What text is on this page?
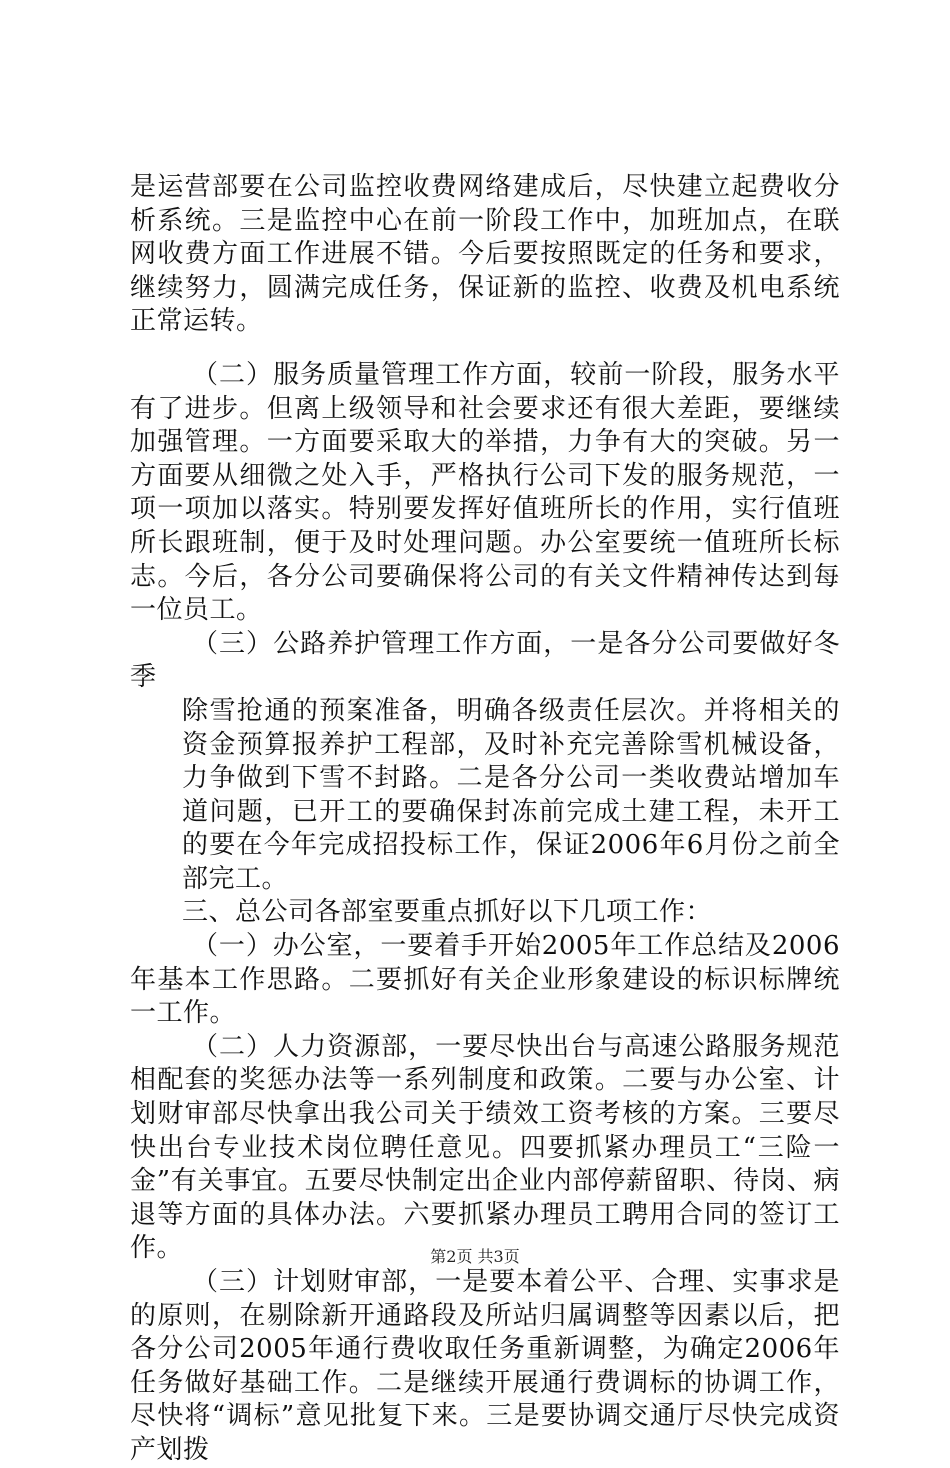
是运营部要在公司监控收费网络建成后，尽快建立起费收分析系统。三是监控中心在前一阶段工作中，加班加点，在联网收费方面工作进展不错。今后要按照既定的任务和要求，继续努力，圆满完成任务，保证新的监控、收费及机电系统正常运转。

（二）服务质量管理工作方面，较前一阶段，服务水平有了进步。但离上级领导和社会要求还有很大差距，要继续加强管理。一方面要采取大的举措，力争有大的突破。另一方面要从细微之处入手，严格执行公司下发的服务规范，一项一项加以落实。特别要发挥好值班所长的作用，实行值班所长跟班制，便于及时处理问题。办公室要统一值班所长标志。今后，各分公司要确保将公司的有关文件精神传达到每一位员工。

（三）公路养护管理工作方面，一是各分公司要做好冬季

除雪抢通的预案准备，明确各级责任层次。并将相关的资金预算报养护工程部，及时补充完善除雪机械设备，力争做到下雪不封路。二是各分公司一类收费站增加车道问题，已开工的要确保封冻前完成土建工程，未开工的要在今年完成招投标工作，保证2006年6月份之前全部完工。

三、总公司各部室要重点抓好以下几项工作：

（一）办公室，一要着手开始2005年工作总结及2006年基本工作思路。二要抓好有关企业形象建设的标识标牌统一工作。

（二）人力资源部，一要尽快出台与高速公路服务规范相配套的奖惩办法等一系列制度和政策。二要与办公室、计划财审部尽快拿出我公司关于绩效工资考核的方案。三要尽快出台专业技术岗位聘任意见。四要抓紧办理员工“三险一金”有关事宜。五要尽快制定出企业内部停薪留职、待岗、病退等方面的具体办法。六要抓紧办理员工聘用合同的签订工作。

（三）计划财审部，一是要本着公平、合理、实事求是的原则，在剔除新开通路段及所站归属调整等因素以后，把各分公司2005年通行费收取任务重新调整，为确定2006年任务做好基础工作。二是继续开展通行费调标的协调工作，尽快将“调标”意见批复下来。三是要协调交通厅尽快完成资产划拨

第2页 共3页
